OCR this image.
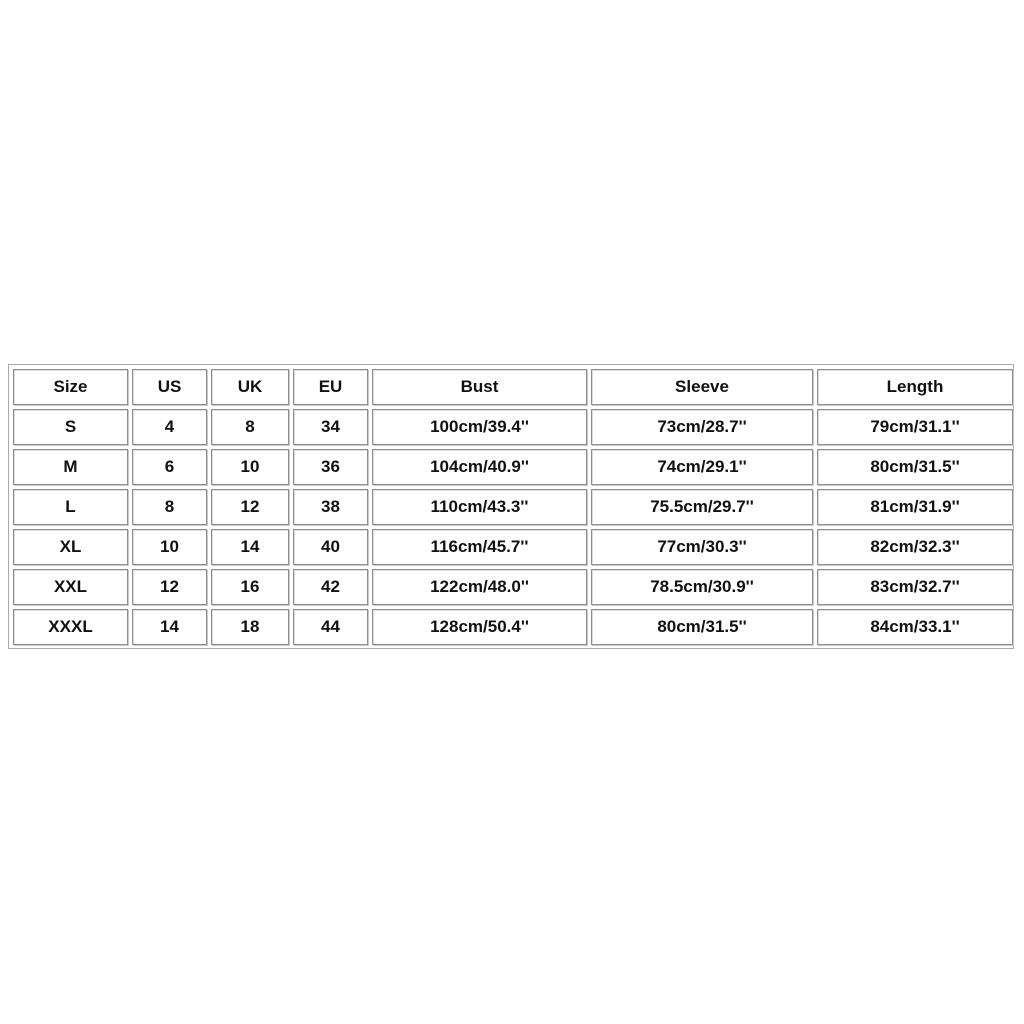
Size	US	UK	EU	Bust	Sleeve	Length
S	4	8	34	100cm/39.4''	73cm/28.7''	79cm/31.1''
M	6	10	36	104cm/40.9''	74cm/29.1''	80cm/31.5''
L	8	12	38	110cm/43.3''	75.5cm/29.7''	81cm/31.9''
XL	10	14	40	116cm/45.7''	77cm/30.3''	82cm/32.3''
XXL	12	16	42	122cm/48.0''	78.5cm/30.9''	83cm/32.7''
XXXL	14	18	44	128cm/50.4''	80cm/31.5''	84cm/33.1''
